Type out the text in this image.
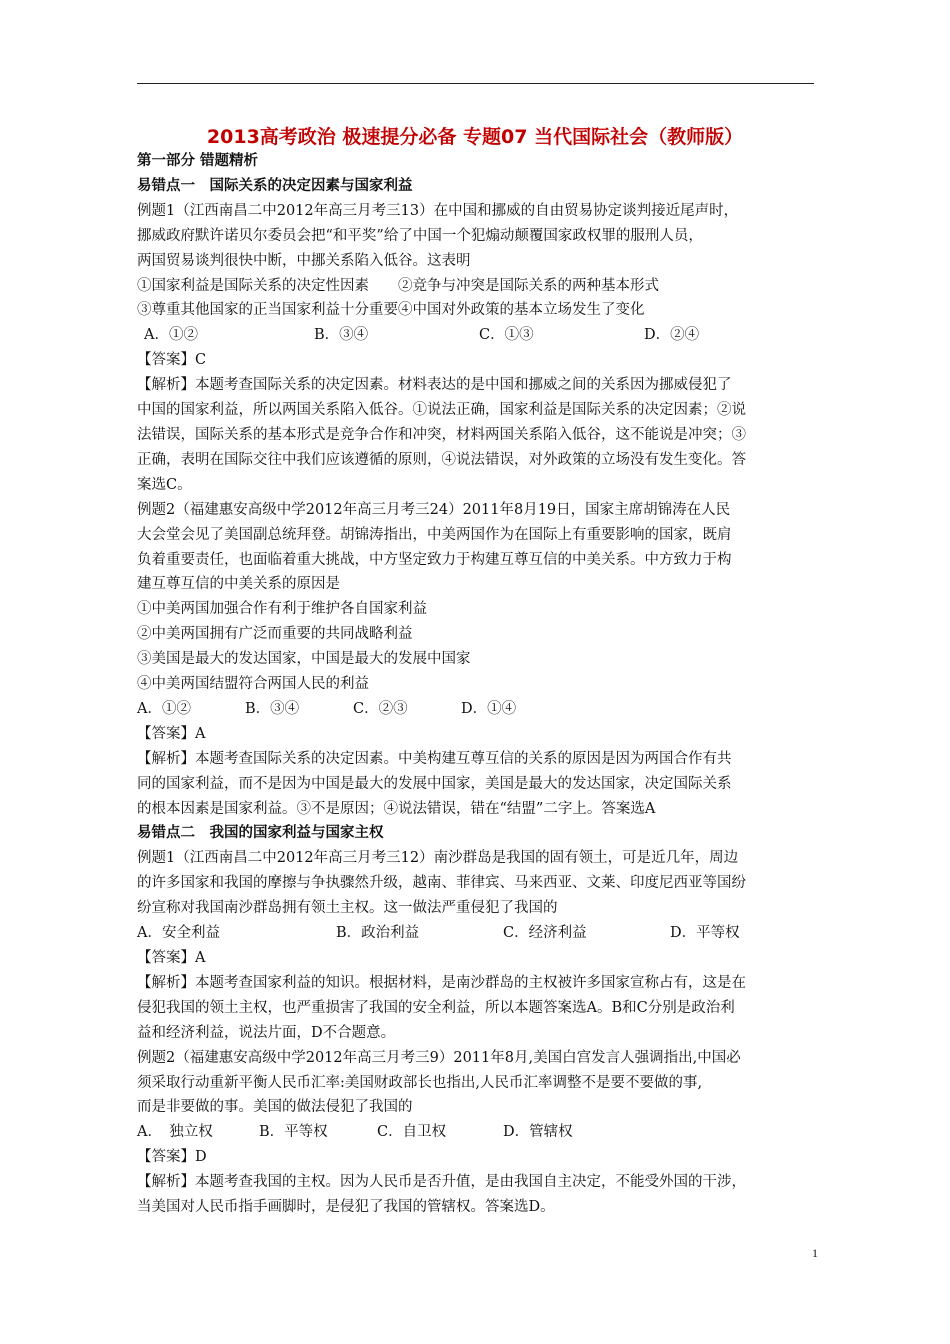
2013高考政治 极速提分必备 专题07 当代国际社会（教师版）

第一部分 错题精析

易错点一　国际关系的决定因素与国家利益

例题1（江西南昌二中2012年高三月考三13）在中国和挪威的自由贸易协定谈判接近尾声时，

挪威政府默许诺贝尔委员会把“和平奖”给了中国一个犯煽动颠覆国家政权罪的服刑人员，

两国贸易谈判很快中断，中挪关系陷入低谷。这表明

①国家利益是国际关系的决定性因素　　②竞争与冲突是国际关系的两种基本形式

③尊重其他国家的正当国家利益十分重要④中国对外政策的基本立场发生了变化

A．①②	B．③④	C．①③	D．②④

【答案】C

【解析】本题考查国际关系的决定因素。材料表达的是中国和挪威之间的关系因为挪威侵犯了

中国的国家利益，所以两国关系陷入低谷。①说法正确，国家利益是国际关系的决定因素；②说

法错误，国际关系的基本形式是竞争合作和冲突，材料两国关系陷入低谷，这不能说是冲突；③

正确，表明在国际交往中我们应该遵循的原则，④说法错误，对外政策的立场没有发生变化。答

案选C。

例题2（福建惠安高级中学2012年高三月考三24）2011年8月19日，国家主席胡锦涛在人民

大会堂会见了美国副总统拜登。胡锦涛指出，中美两国作为在国际上有重要影响的国家，既肩

负着重要责任，也面临着重大挑战，中方坚定致力于构建互尊互信的中美关系。中方致力于构

建互尊互信的中美关系的原因是

①中美两国加强合作有利于维护各自国家利益

②中美两国拥有广泛而重要的共同战略利益

③美国是最大的发达国家，中国是最大的发展中国家

④中美两国结盟符合两国人民的利益

A．①②	B．③④	C．②③	D．①④

【答案】A

【解析】本题考查国际关系的决定因素。中美构建互尊互信的关系的原因是因为两国合作有共

同的国家利益，而不是因为中国是最大的发展中国家，美国是最大的发达国家，决定国际关系

的根本因素是国家利益。③不是原因；④说法错误，错在“结盟”二字上。答案选A

易错点二　我国的国家利益与国家主权

例题1（江西南昌二中2012年高三月考三12）南沙群岛是我国的固有领土，可是近几年，周边

的许多国家和我国的摩擦与争执骤然升级，越南、菲律宾、马来西亚、文莱、印度尼西亚等国纷

纷宣称对我国南沙群岛拥有领土主权。这一做法严重侵犯了我国的

A．安全利益	B．政治利益	C．经济利益	D．平等权

【答案】A

【解析】本题考查国家利益的知识。根据材料，是南沙群岛的主权被许多国家宣称占有，这是在

侵犯我国的领土主权，也严重损害了我国的安全利益，所以本题答案选A。B和C分别是政治利

益和经济利益，说法片面，D不合题意。

例题2（福建惠安高级中学2012年高三月考三9）2011年8月,美国白宫发言人强调指出,中国必

须采取行动重新平衡人民币汇率:美国财政部长也指出,人民币汇率调整不是要不要做的事,

而是非要做的事。美国的做法侵犯了我国的

A．　独立权	B．平等权	C．自卫权	D．管辖权

【答案】D

【解析】本题考查我国的主权。因为人民币是否升值，是由我国自主决定，不能受外国的干涉，

当美国对人民币指手画脚时，是侵犯了我国的管辖权。答案选D。

1
